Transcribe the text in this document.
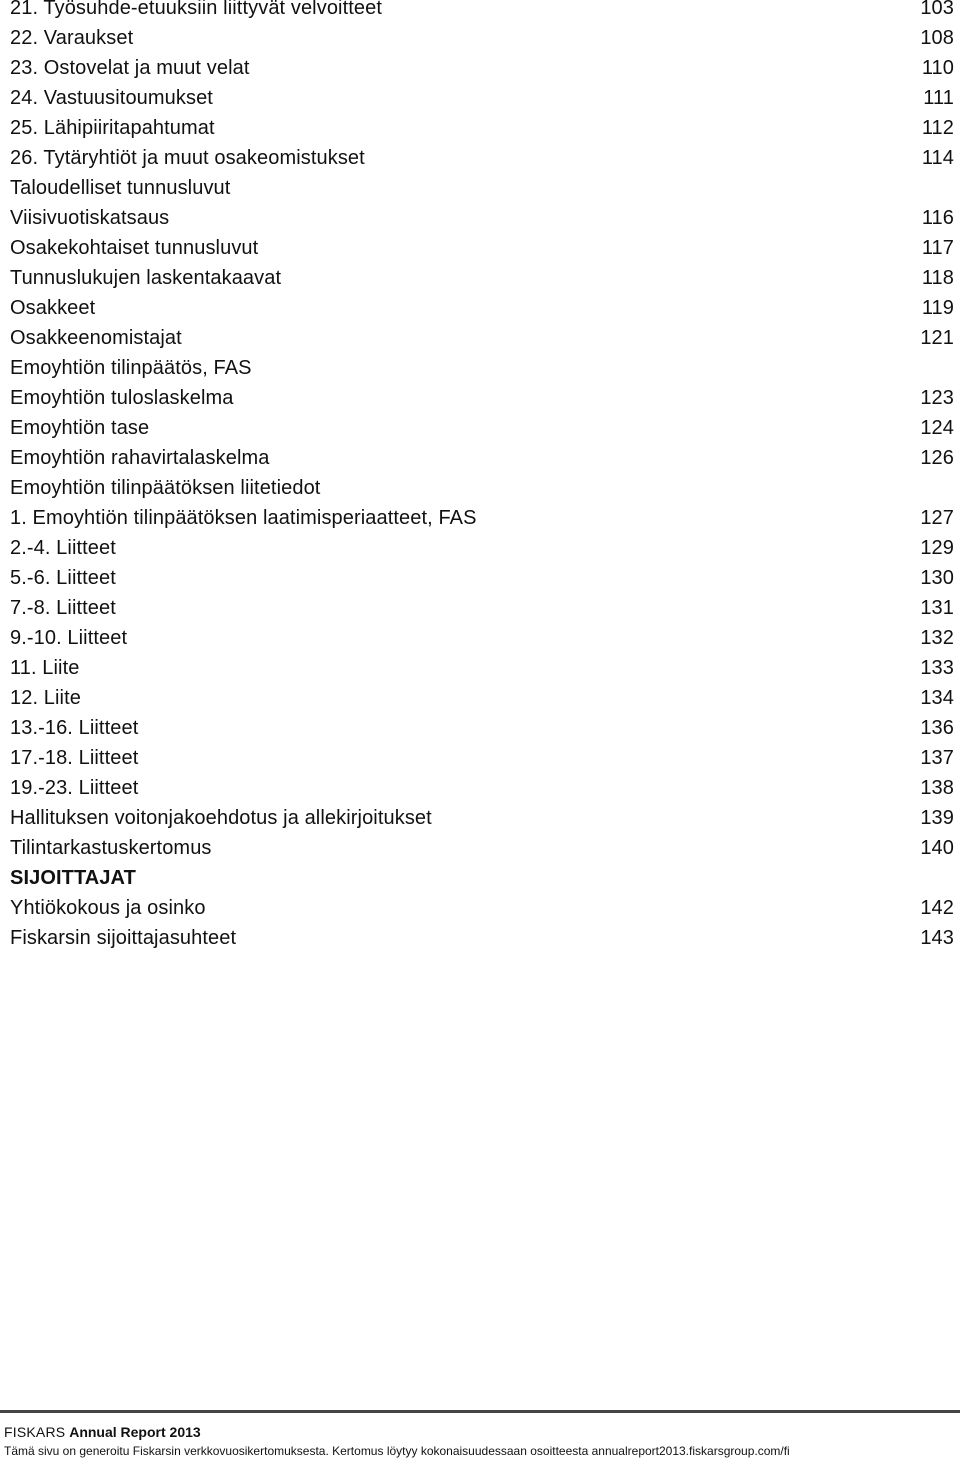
21. Työsuhde-etuuksiin liittyvät velvoitteet	103
22. Varaukset	108
23. Ostovelat ja muut velat	110
24. Vastuusitoumukset	111
25. Lähipiiritapahtumat	112
26. Tytäryhtiöt ja muut osakeomistukset	114
Taloudelliset tunnusluvut
Viisivuotiskatsaus	116
Osakekohtaiset tunnusluvut	117
Tunnuslukujen laskentakaavat	118
Osakkeet	119
Osakkeenomistajat	121
Emoyhtiön tilinpäätös, FAS
Emoyhtiön tuloslaskelma	123
Emoyhtiön tase	124
Emoyhtiön rahavirtalaskelma	126
Emoyhtiön tilinpäätöksen liitetiedot
1. Emoyhtiön tilinpäätöksen laatimisperiaatteet, FAS	127
2.-4. Liitteet	129
5.-6. Liitteet	130
7.-8. Liitteet	131
9.-10. Liitteet	132
11. Liite	133
12. Liite	134
13.-16. Liitteet	136
17.-18. Liitteet	137
19.-23. Liitteet	138
Hallituksen voitonjakoehdotus ja allekirjoitukset	139
Tilintarkastuskertomus	140
SIJOITTAJAT
Yhtiökokous ja osinko	142
Fiskarsin sijoittajasuhteet	143
FISKARS Annual Report 2013
Tämä sivu on generoitu Fiskarsin verkkovuosikertomuksesta. Kertomus löytyy kokonaisuudessaan osoitteesta annualreport2013.fiskarsgroup.com/fi
